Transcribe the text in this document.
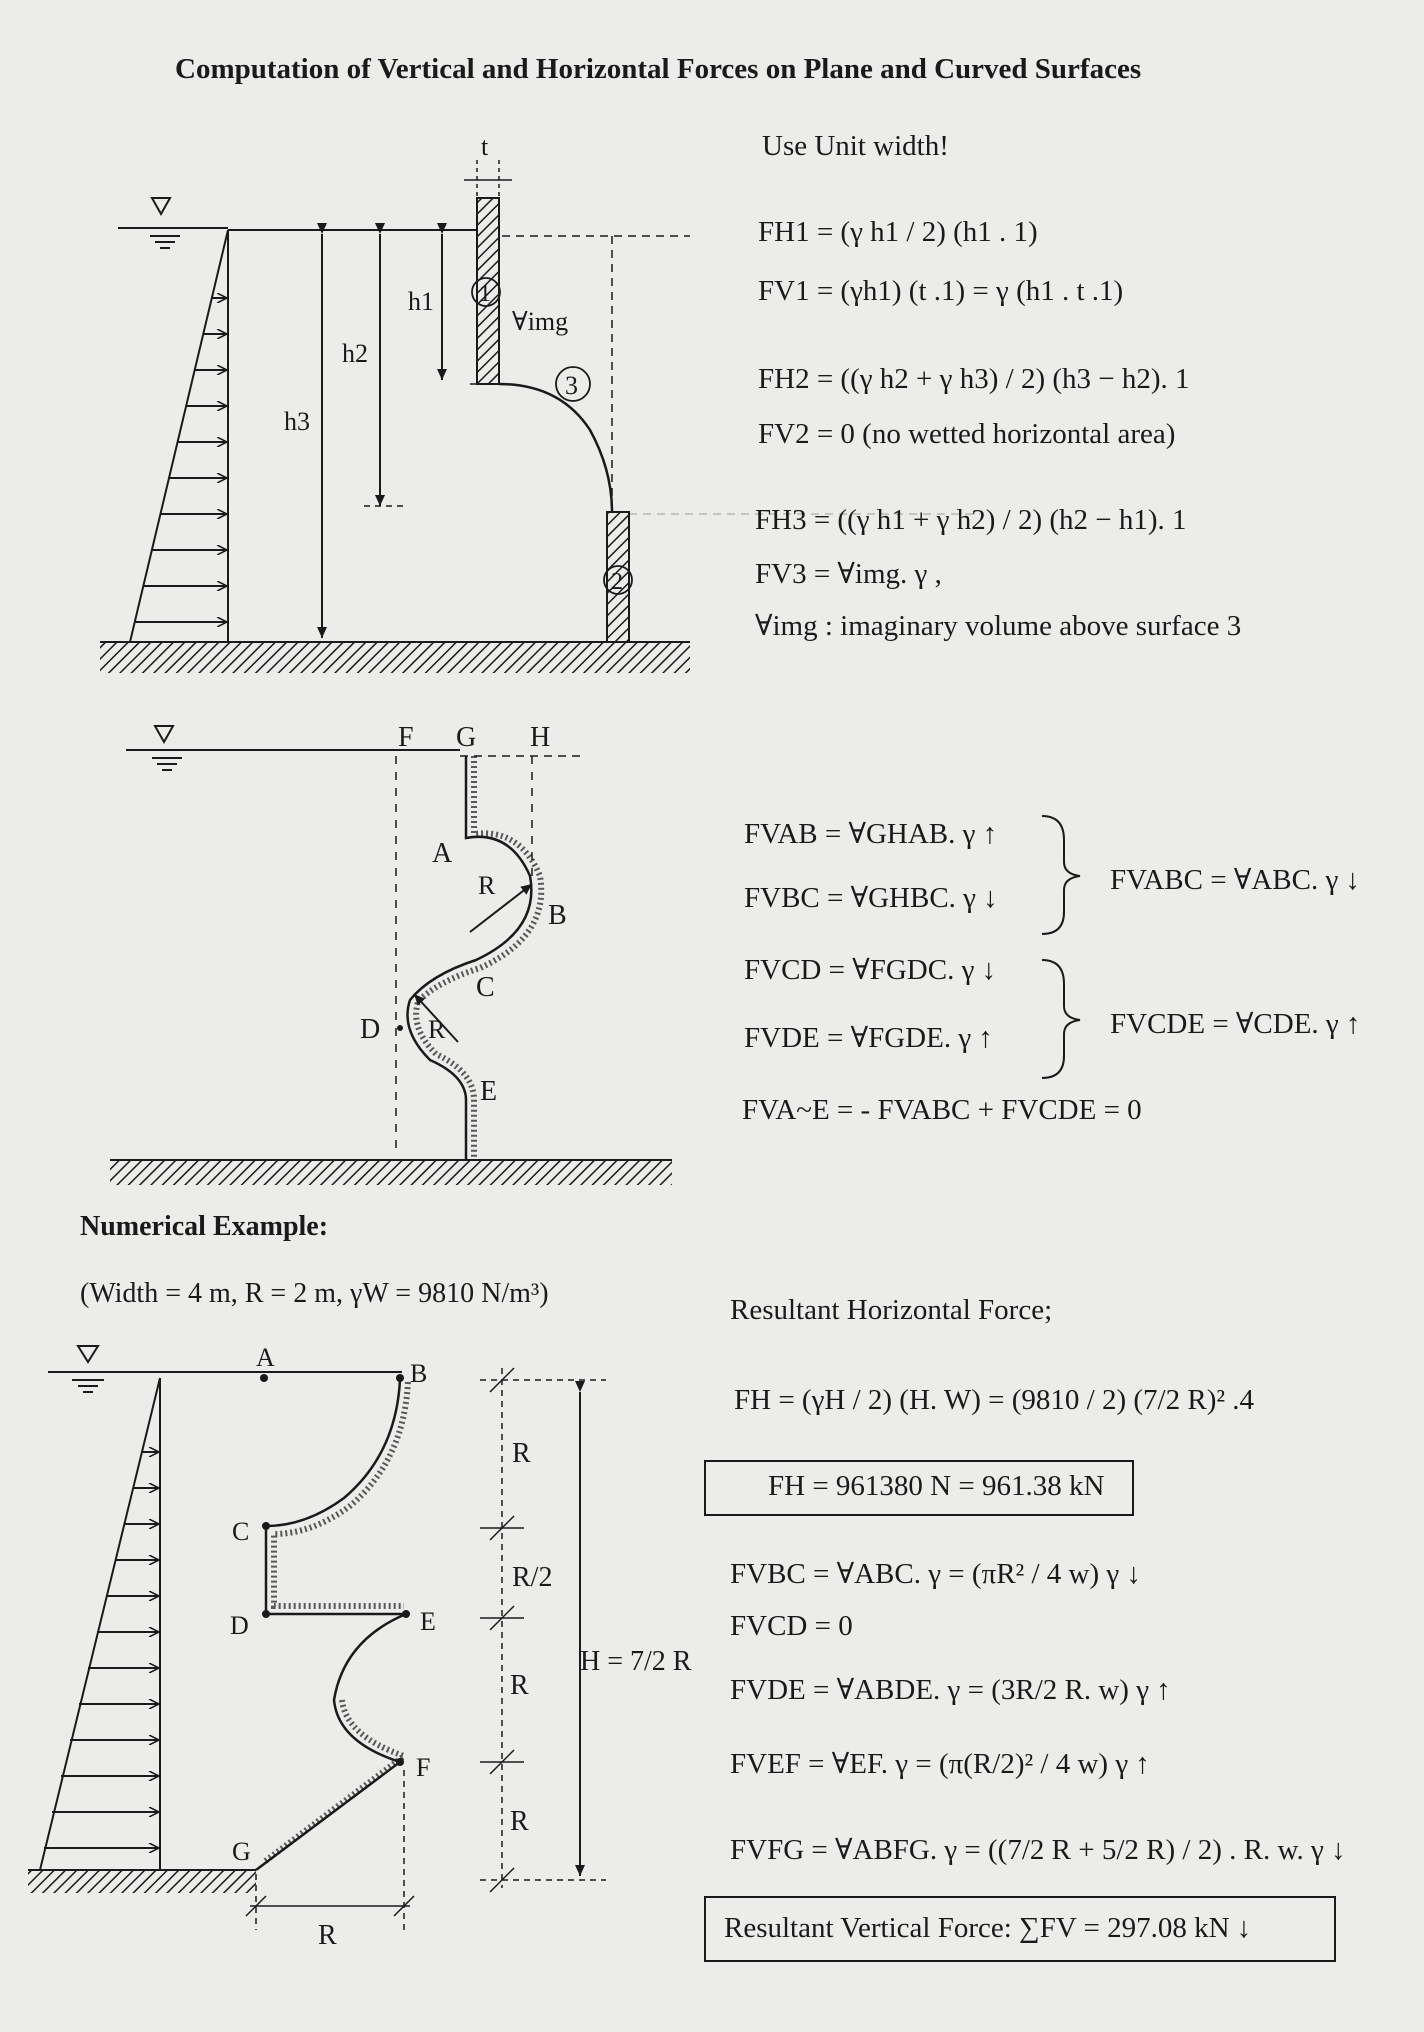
Computation of Vertical and Horizontal Forces on Plane and Curved Surfaces
Use Unit width!
t
1
3
2
h3
h2
h1
∀img
FH1 = (γ h1 / 2) (h1 . 1)
FV1 = (γh1) (t .1) = γ (h1 . t .1)
FH2 = ((γ h2 + γ h3) / 2) (h3 − h2). 1
FV2 = 0 (no wetted horizontal area)
FH3 = ((γ h1 + γ h2) / 2) (h2 − h1). 1
FV3 = ∀img. γ ,
∀img : imaginary volume above surface 3
F G H
A
B
C
D
E
R
R
FVAB = ∀GHAB. γ ↑
FVBC = ∀GHBC. γ ↓
FVABC = ∀ABC. γ ↓
FVCD = ∀FGDC. γ ↓
FVDE = ∀FGDE. γ ↑	FVCDE = ∀CDE. γ ↑
FVA~E = - FVABC + FVCDE = 0
Numerical Example:
(Width = 4 m, R = 2 m, γW = 9810 N/m³)
A
B
C
D	E
F
G
R
R
R/2
R
R
H = 7/2 R
Resultant Horizontal Force;
FH = (γH / 2) (H. W) = (9810 / 2) (7/2 R)² .4
FH = 961380 N = 961.38 kN
FVBC = ∀ABC. γ = (πR² / 4 w) γ ↓
FVCD = 0
FVDE = ∀ABDE. γ = (3R/2 R. w) γ ↑
FVEF = ∀EF. γ = (π(R/2)² / 4 w) γ ↑
FVFG = ∀ABFG. γ = ((7/2 R + 5/2 R) / 2) . R. w. γ ↓
Resultant Vertical Force: ∑FV = 297.08 kN ↓
